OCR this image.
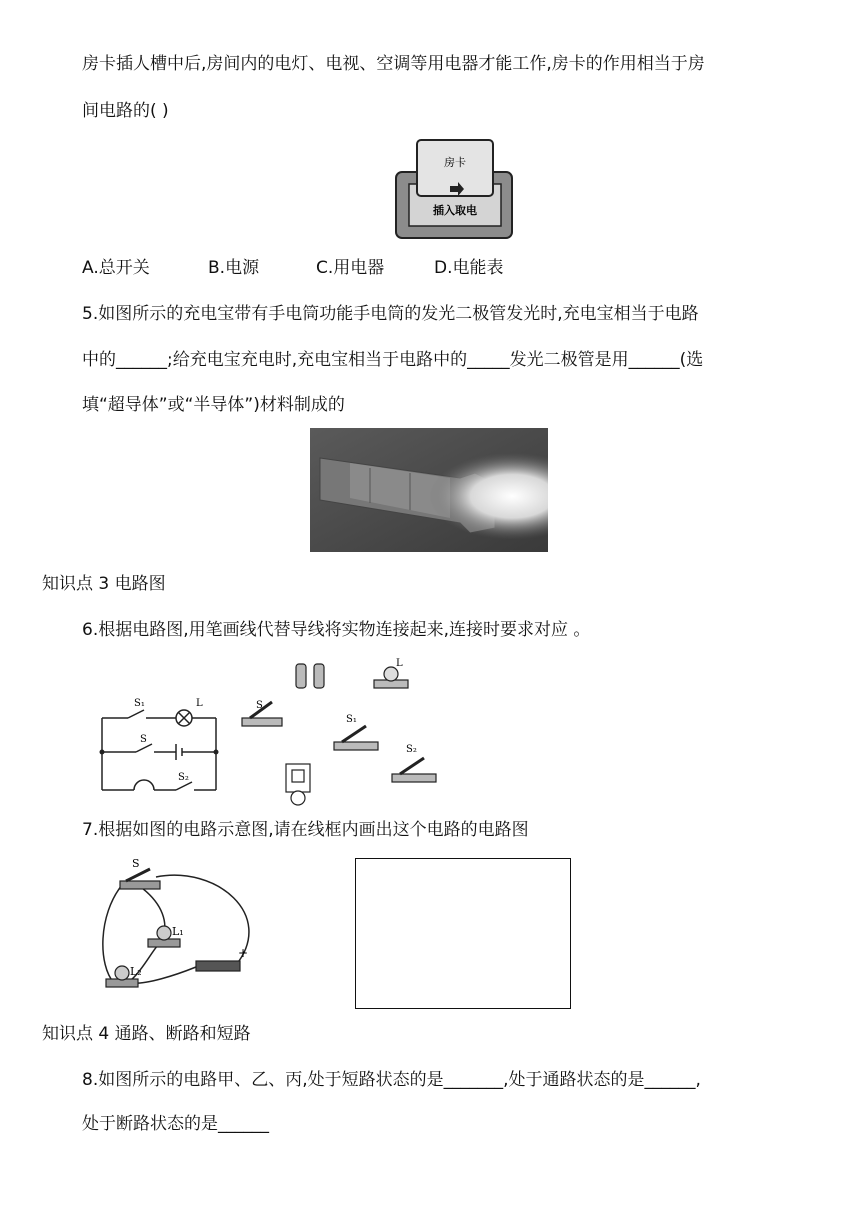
房卡插人槽中后,房间内的电灯、电视、空调等用电器才能工作,房卡的作用相当于房
间电路的( )
房卡
插入取电
A.总开关	B.电源	C.用电器	D.电能表
5.如图所示的充电宝带有手电筒功能手电筒的发光二极管发光时,充电宝相当于电路
中的______;给充电宝充电时,充电宝相当于电路中的_____发光二极管是用______(选
填“超导体”或“半导体”)材料制成的
知识点 3 电路图
6.根据电路图,用笔画线代替导线将实物连接起来,连接时要求对应 。
S₁	L
S
S₂
L
S
S₁
S₂
7.根据如图的电路示意图,请在线框内画出这个电路的电路图
S
L₁
L₂
+
知识点 4 通路、断路和短路
8.如图所示的电路甲、乙、丙,处于短路状态的是_______,处于通路状态的是______,
处于断路状态的是______
